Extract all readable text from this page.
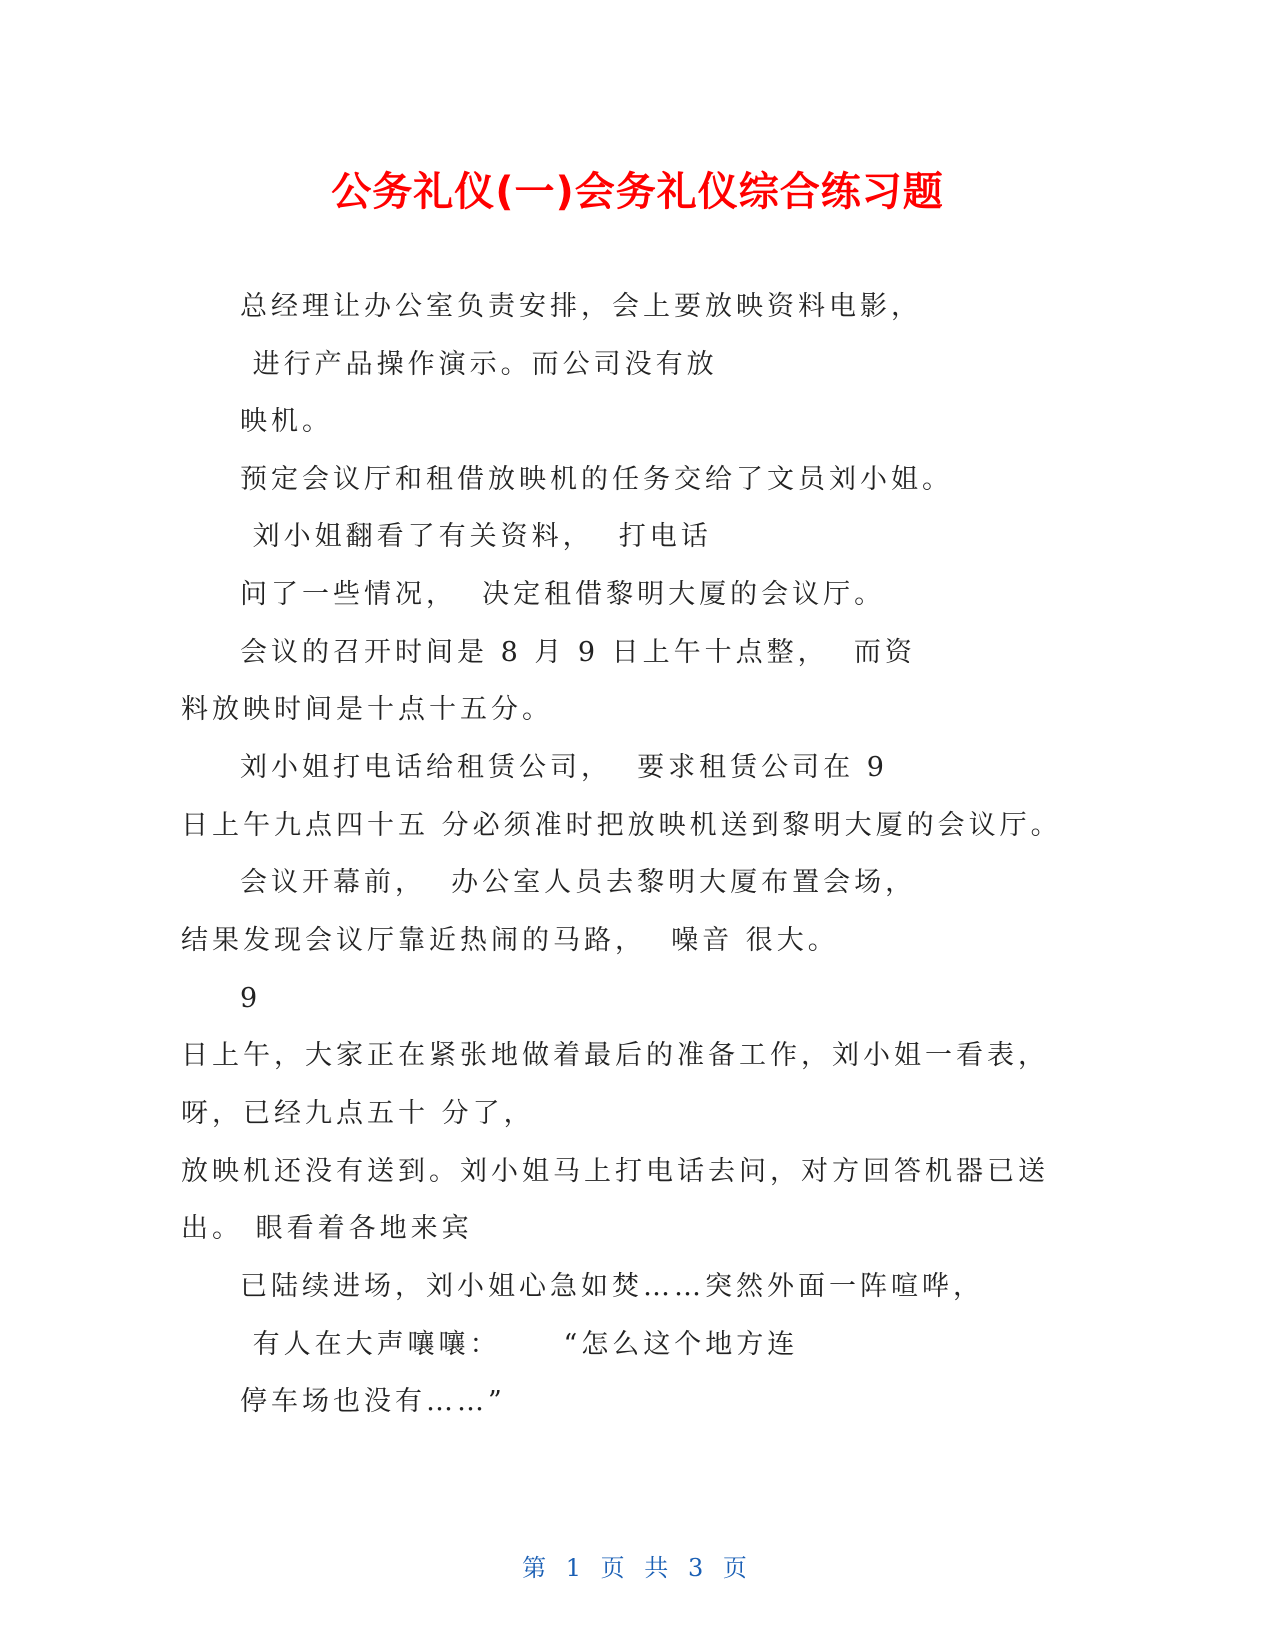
公务礼仪(一)会务礼仪综合练习题
总经理让办公室负责安排，会上要放映资料电影，
进行产品操作演示。而公司没有放
映机。
预定会议厅和租借放映机的任务交给了文员刘小姐。
刘小姐翻看了有关资料，  打电话
问了一些情况，  决定租借黎明大厦的会议厅。
会议的召开时间是 8 月 9 日上午十点整，  而资
料放映时间是十点十五分。
刘小姐打电话给租赁公司，  要求租赁公司在 9
日上午九点四十五 分必须准时把放映机送到黎明大厦的会议厅。
会议开幕前，  办公室人员去黎明大厦布置会场，
结果发现会议厅靠近热闹的马路，  噪音 很大。
9
日上午，大家正在紧张地做着最后的准备工作，刘小姐一看表，
呀，已经九点五十 分了，
放映机还没有送到。刘小姐马上打电话去问，对方回答机器已送
出。 眼看着各地来宾
已陆续进场，刘小姐心急如焚……突然外面一阵喧哗，
有人在大声嚷嚷：     “怎么这个地方连
停车场也没有……”
第 1 页 共 3 页
